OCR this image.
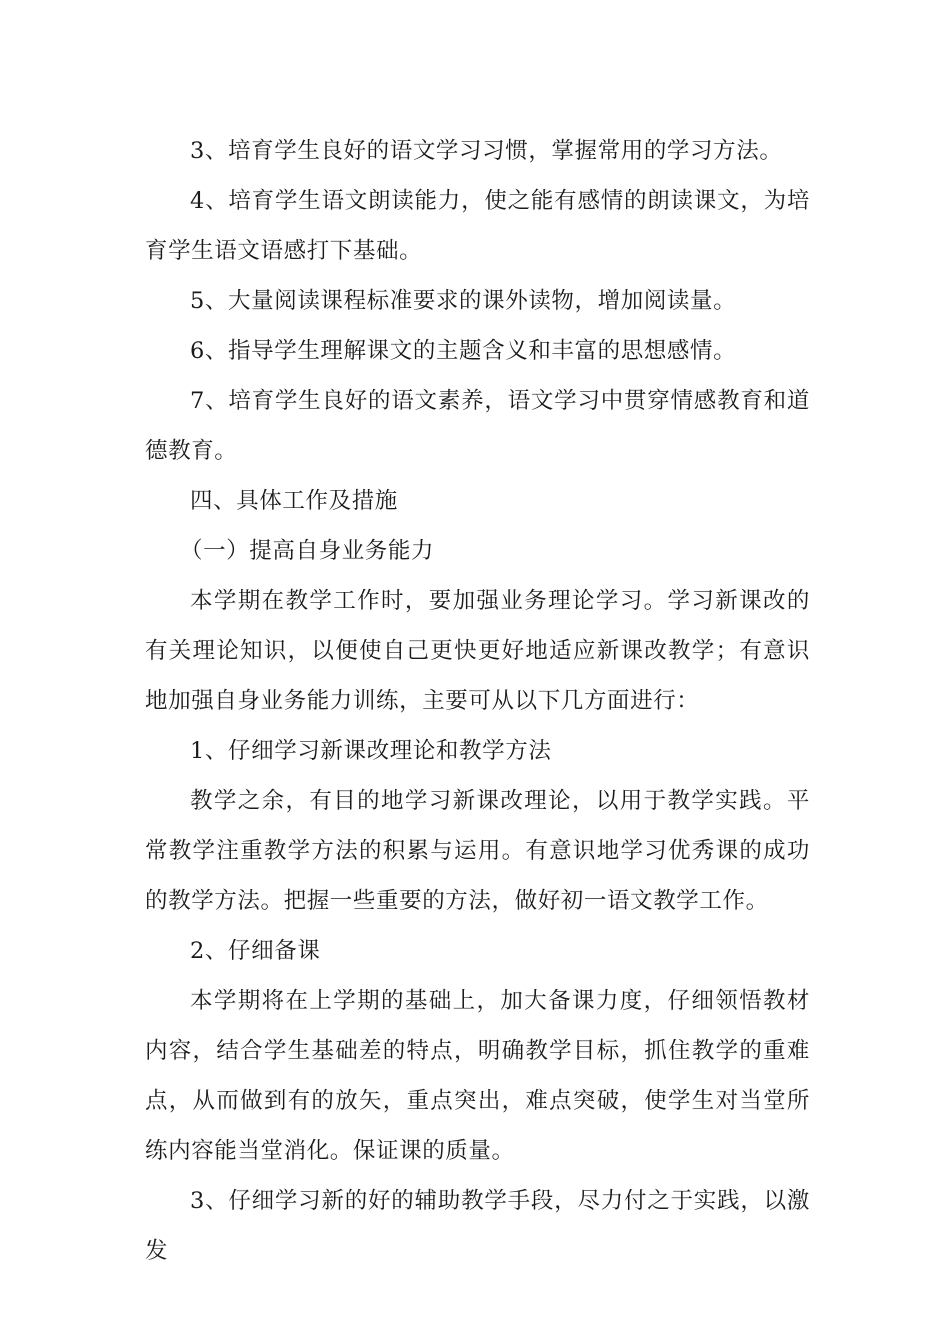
3、培育学生良好的语文学习习惯，掌握常用的学习方法。

4、培育学生语文朗读能力，使之能有感情的朗读课文，为培育学生语文语感打下基础。

5、大量阅读课程标准要求的课外读物，增加阅读量。

6、指导学生理解课文的主题含义和丰富的思想感情。

7、培育学生良好的语文素养，语文学习中贯穿情感教育和道德教育。

四、具体工作及措施

（一）提高自身业务能力

本学期在教学工作时，要加强业务理论学习。学习新课改的有关理论知识，以便使自己更快更好地适应新课改教学；有意识地加强自身业务能力训练，主要可从以下几方面进行：

1、仔细学习新课改理论和教学方法

教学之余，有目的地学习新课改理论，以用于教学实践。平常教学注重教学方法的积累与运用。有意识地学习优秀课的成功的教学方法。把握一些重要的方法，做好初一语文教学工作。

2、仔细备课

本学期将在上学期的基础上，加大备课力度，仔细领悟教材内容，结合学生基础差的特点，明确教学目标，抓住教学的重难点，从而做到有的放矢，重点突出，难点突破，使学生对当堂所练内容能当堂消化。保证课的质量。

3、仔细学习新的好的辅助教学手段，尽力付之于实践，以激发
